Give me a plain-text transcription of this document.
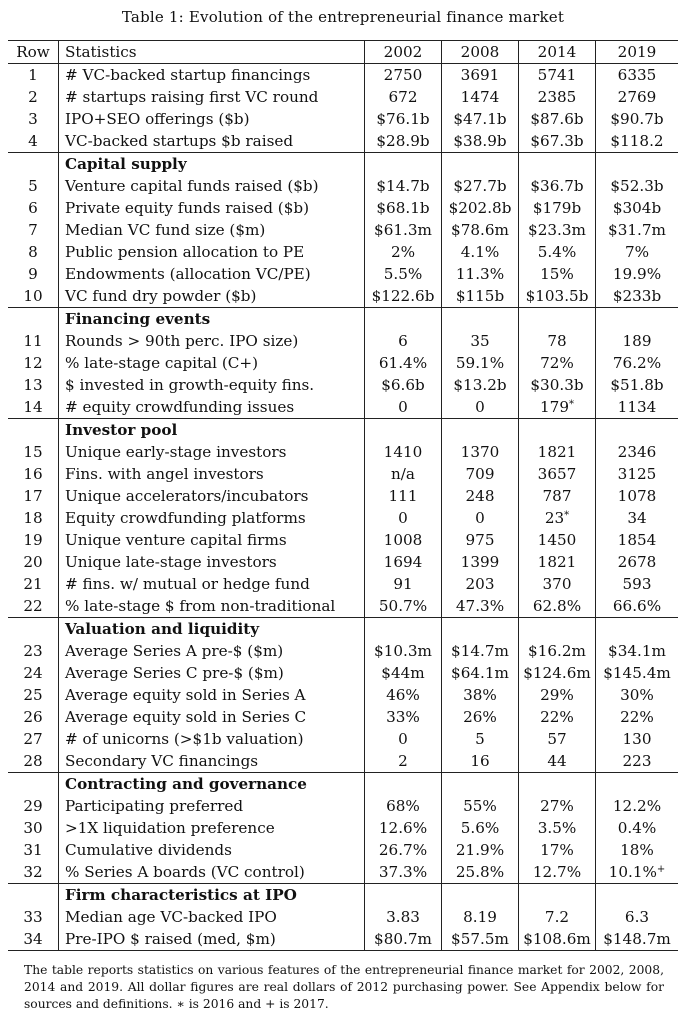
Table 1: Evolution of the entrepreneurial finance market
Row	Statistics	2002	2008	2014	2019
1	# VC-backed startup financings	2750	3691	5741	6335
2	# startups raising first VC round	672	1474	2385	2769
3	IPO+SEO offerings ($b)	$76.1b	$47.1b	$87.6b	$90.7b
4	VC-backed startups $b raised	$28.9b	$38.9b	$67.3b	$118.2
	Capital supply				
5	Venture capital funds raised ($b)	$14.7b	$27.7b	$36.7b	$52.3b
6	Private equity funds raised ($b)	$68.1b	$202.8b	$179b	$304b
7	Median VC fund size ($m)	$61.3m	$78.6m	$23.3m	$31.7m
8	Public pension allocation to PE	2%	4.1%	5.4%	7%
9	Endowments (allocation VC/PE)	5.5%	11.3%	15%	19.9%
10	VC fund dry powder ($b)	$122.6b	$115b	$103.5b	$233b
	Financing events				
11	Rounds > 90th perc. IPO size)	6	35	78	189
12	% late-stage capital (C+)	61.4%	59.1%	72%	76.2%
13	$ invested in growth-equity fins.	$6.6b	$13.2b	$30.3b	$51.8b
14	# equity crowdfunding issues	0	0	179*	1134
	Investor pool				
15	Unique early-stage investors	1410	1370	1821	2346
16	Fins. with angel investors	n/a	709	3657	3125
17	Unique accelerators/incubators	111	248	787	1078
18	Equity crowdfunding platforms	0	0	23*	34
19	Unique venture capital firms	1008	975	1450	1854
20	Unique late-stage investors	1694	1399	1821	2678
21	# fins. w/ mutual or hedge fund	91	203	370	593
22	% late-stage $ from non-traditional	50.7%	47.3%	62.8%	66.6%
	Valuation and liquidity				
23	Average Series A pre-$ ($m)	$10.3m	$14.7m	$16.2m	$34.1m
24	Average Series C pre-$ ($m)	$44m	$64.1m	$124.6m	$145.4m
25	Average equity sold in Series A	46%	38%	29%	30%
26	Average equity sold in Series C	33%	26%	22%	22%
27	# of unicorns (>$1b valuation)	0	5	57	130
28	Secondary VC financings	2	16	44	223
	Contracting and governance				
29	Participating preferred	68%	55%	27%	12.2%
30	>1X liquidation preference	12.6%	5.6%	3.5%	0.4%
31	Cumulative dividends	26.7%	21.9%	17%	18%
32	% Series A boards (VC control)	37.3%	25.8%	12.7%	10.1%+
	Firm characteristics at IPO				
33	Median age VC-backed IPO	3.83	8.19	7.2	6.3
34	Pre-IPO $ raised (med, $m)	$80.7m	$57.5m	$108.6m	$148.7m
The table reports statistics on various features of the entrepreneurial finance market for 2002, 2008, 2014 and 2019. All dollar figures are real dollars of 2012 purchasing power. See Appendix below for sources and definitions. ∗ is 2016 and + is 2017.
